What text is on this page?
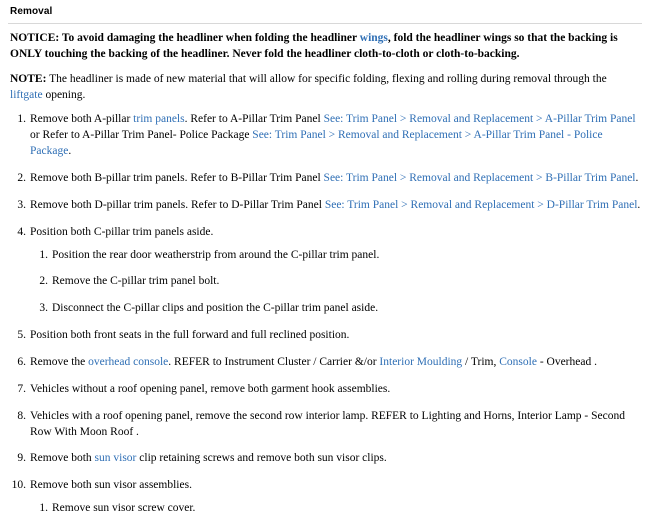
Removal

NOTICE: To avoid damaging the headliner when folding the headliner wings, fold the headliner wings so that the backing is ONLY touching the backing of the headliner. Never fold the headliner cloth-to-cloth or cloth-to-backing.

NOTE: The headliner is made of new material that will allow for specific folding, flexing and rolling during removal through the liftgate opening.

1. Remove both A-pillar trim panels. Refer to A-Pillar Trim Panel See: Trim Panel > Removal and Replacement > A-Pillar Trim Panel or Refer to A-Pillar Trim Panel- Police Package See: Trim Panel > Removal and Replacement > A-Pillar Trim Panel - Police Package.
2. Remove both B-pillar trim panels. Refer to B-Pillar Trim Panel See: Trim Panel > Removal and Replacement > B-Pillar Trim Panel.
3. Remove both D-pillar trim panels. Refer to D-Pillar Trim Panel See: Trim Panel > Removal and Replacement > D-Pillar Trim Panel.
4. Position both C-pillar trim panels aside.
1. Position the rear door weatherstrip from around the C-pillar trim panel.
2. Remove the C-pillar trim panel bolt.
3. Disconnect the C-pillar clips and position the C-pillar trim panel aside.
5. Position both front seats in the full forward and full reclined position.
6. Remove the overhead console. REFER to Instrument Cluster / Carrier &/or Interior Moulding / Trim, Console - Overhead .
7. Vehicles without a roof opening panel, remove both garment hook assemblies.
8. Vehicles with a roof opening panel, remove the second row interior lamp. REFER to Lighting and Horns, Interior Lamp - Second Row With Moon Roof .
9. Remove both sun visor clip retaining screws and remove both sun visor clips.
10. Remove both sun visor assemblies.
1. Remove sun visor screw cover.
